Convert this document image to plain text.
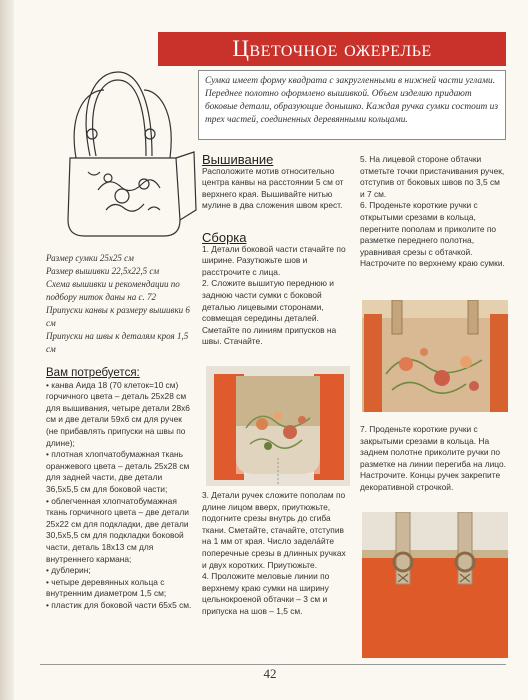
Цветочное ожерелье
Сумка имеет форму квадрата с закругленными в нижней части углами. Переднее полотно оформлено вышивкой. Объем изделию придают боковые детали, образующие донышко. Каждая ручка сумки состоит из трех частей, соединенных деревянными кольцами.

Размер сумки 25x25 см

Размер вышивки 22,5x22,5 см

Схема вышивки и рекомендации по подбору ниток даны на с. 72

Припуски канвы к размеру вышивки 6 см

Припуски на швы к деталям кроя 1,5 см

Вам потребуется:

• канва Аида 18 (70 клеток=10 см) горчичного цвета – деталь 25x28 см для вышивания, четыре детали 28x6 см и две детали 59x6 см для ручек (не прибавлять припуски на швы по длине);

• плотная хлопчатобумажная ткань оранжевого цвета – деталь 25x28 см для задней части, две детали 36,5x5,5 см для боковой части;

• облегченная хлопчатобумажная ткань горчичного цвета – две детали 25x22 см для подкладки, две детали 30,5x5,5 см для подкладки боковой части, деталь 18x13 см для внутреннего кармана;

• дублерин;

• четыре деревянных кольца с внутренним диаметром 1,5 см;

• пластик для боковой части 65x5 см.

Вышивание

Расположите мотив относительно центра канвы на расстоянии 5 см от верхнего края. Вышивайте нитью мулине в два сложения швом крест.

Сборка

1. Детали боковой части стачайте по ширине. Разутюжьте шов и расстрочите с лица.

2. Сложите вышитую переднюю и заднюю части сумки с боковой деталью лицевыми сторонами, совмещая середины деталей. Сметайте по линиям припусков на швы. Стачайте.

3. Детали ручек сложите пополам по длине лицом вверх, приутюжьте, подогните срезы внутрь до сгиба ткани. Сметайте, стачайте, отступив на 1 мм от края. Число задела́йте поперечные срезы в длинных ручках и двух коротких. Приутюжьте.

4. Проложите меловые линии по верхнему краю сумки на ширину цельнокроеной обтачки – 3 см и припуска на шов – 1,5 см.

5. На лицевой стороне обтачки отметьте точки пристачивания ручек, отступив от боковых швов по 3,5 см и 7 см.

6. Проденьте короткие ручки с открытыми срезами в кольца, перегните пополам и приколите по разметке переднего полотна, уравнивая срезы с обтачкой. Настрочите по верхнему краю сумки.

7. Проденьте короткие ручки с закрытыми срезами в кольца. На заднем полотне приколите ручки по разметке на линии перегиба на лицо. Настрочите. Концы ручек закрепите декоративной строчкой.

42
